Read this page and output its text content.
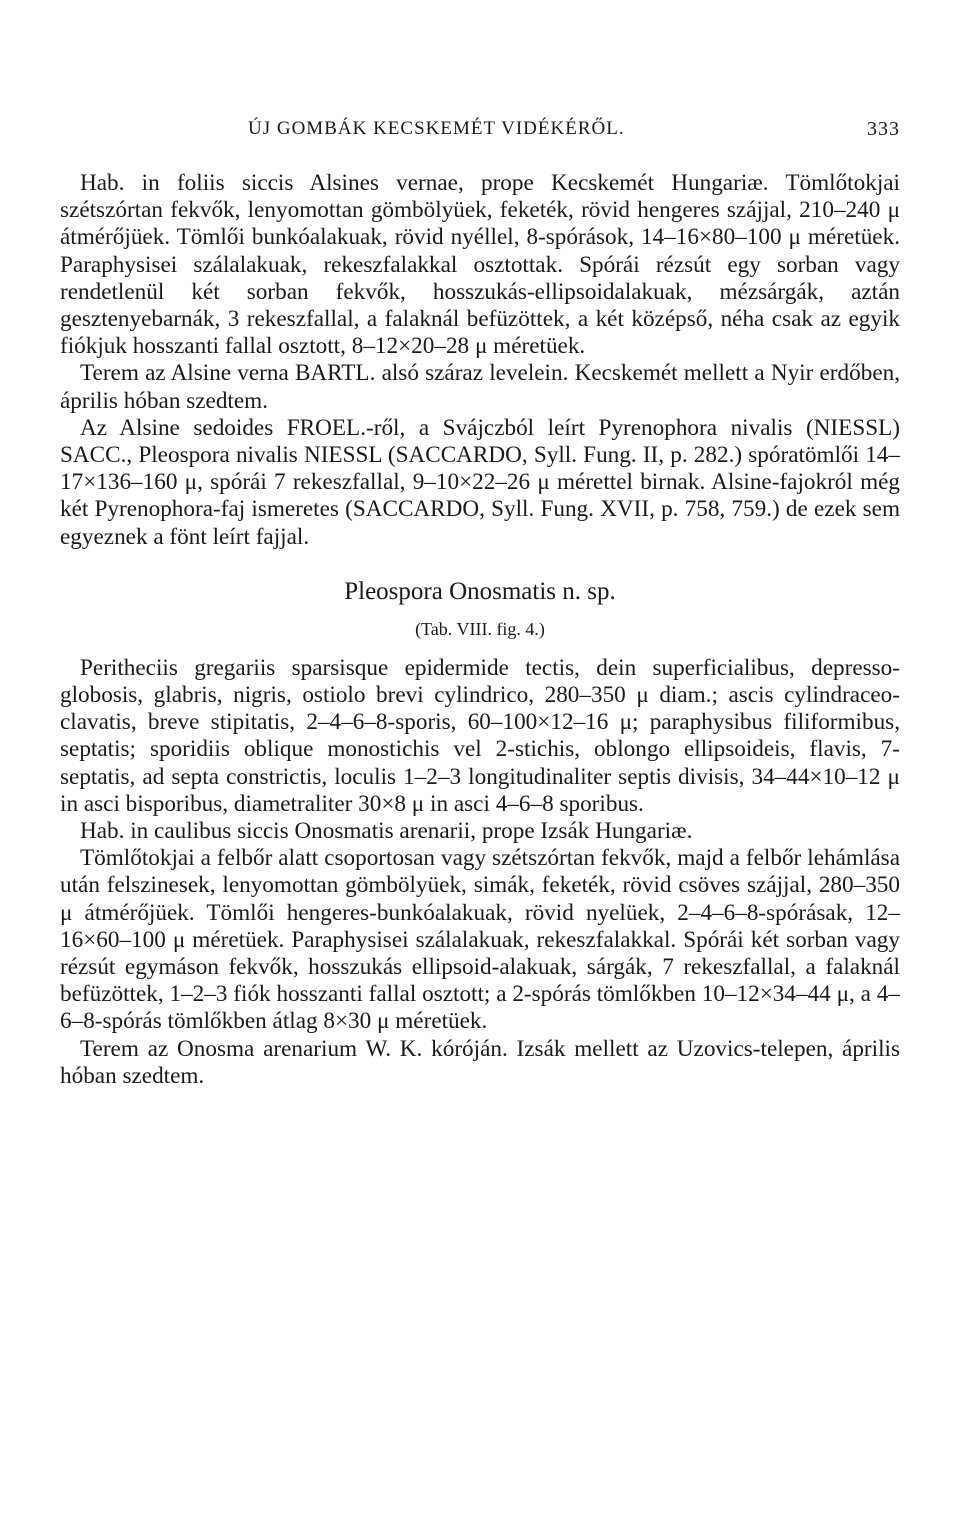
ÚJ GOMBÁK KECSKEMÉT VIDÉKÉRŐL.	333

Hab. in foliis siccis Alsines vernae, prope Kecskemét Hungariæ. Tömlőtokjai szétszórtan fekvők, lenyomottan gömbölyüek, feketék, rövid hengeres szájjal, 210–240 μ átmérőjüek. Tömlői bunkóalakuak, rövid nyéllel, 8-spórások, 14–16×80–100 μ méretüek. Paraphysisei szálalakuak, rekeszfalakkal osztottak. Spórái rézsút egy sorban vagy rendetlenül két sorban fekvők, hosszukás-ellipsoidalakuak, mézsárgák, aztán gesztenyebarnák, 3 rekeszfallal, a falaknál befüzöttek, a két középső, néha csak az egyik fiókjuk hosszanti fallal osztott, 8–12×20–28 μ méretüek.

Terem az Alsine verna BARTL. alsó száraz levelein. Kecskemét mellett a Nyir erdőben, április hóban szedtem.

Az Alsine sedoides FROEL.-ről, a Svájczból leírt Pyrenophora nivalis (NIESSL) SACC., Pleospora nivalis NIESSL (SACCARDO, Syll. Fung. II, p. 282.) spóratömlői 14–17×136–160 μ, spórái 7 rekeszfallal, 9–10×22–26 μ mérettel birnak. Alsine-fajokról még két Pyrenophora-faj ismeretes (SACCARDO, Syll. Fung. XVII, p. 758, 759.) de ezek sem egyeznek a fönt leírt fajjal.

Pleospora Onosmatis n. sp.
(Tab. VIII. fig. 4.)

Peritheciis gregariis sparsisque epidermide tectis, dein superficialibus, depresso-globosis, glabris, nigris, ostiolo brevi cylindrico, 280–350 μ diam.; ascis cylindraceo-clavatis, breve stipitatis, 2–4–6–8-sporis, 60–100×12–16 μ; paraphysibus filiformibus, septatis; sporidiis oblique monostichis vel 2-stichis, oblongo ellipsoideis, flavis, 7-septatis, ad septa constrictis, loculis 1–2–3 longitudinaliter septis divisis, 34–44×10–12 μ in asci bisporibus, diametraliter 30×8 μ in asci 4–6–8 sporibus.

Hab. in caulibus siccis Onosmatis arenarii, prope Izsák Hungariæ.

Tömlőtokjai a felbőr alatt csoportosan vagy szétszórtan fekvők, majd a felbőr lehámlása után felszinesek, lenyomottan gömbölyüek, simák, feketék, rövid csöves szájjal, 280–350 μ átmérőjüek. Tömlői hengeres-bunkóalakuak, rövid nyelüek, 2–4–6–8-spórásak, 12–16×60–100 μ méretüek. Paraphysisei szálalakuak, rekeszfalakkal. Spórái két sorban vagy rézsút egymáson fekvők, hosszukás ellipsoid-alakuak, sárgák, 7 rekeszfallal, a falaknál befüzöttek, 1–2–3 fiók hosszanti fallal osztott; a 2-spórás tömlőkben 10–12×34–44 μ, a 4–6–8-spórás tömlőkben átlag 8×30 μ méretüek.

Terem az Onosma arenarium W. K. kóróján. Izsák mellett az Uzovics-telepen, április hóban szedtem.
